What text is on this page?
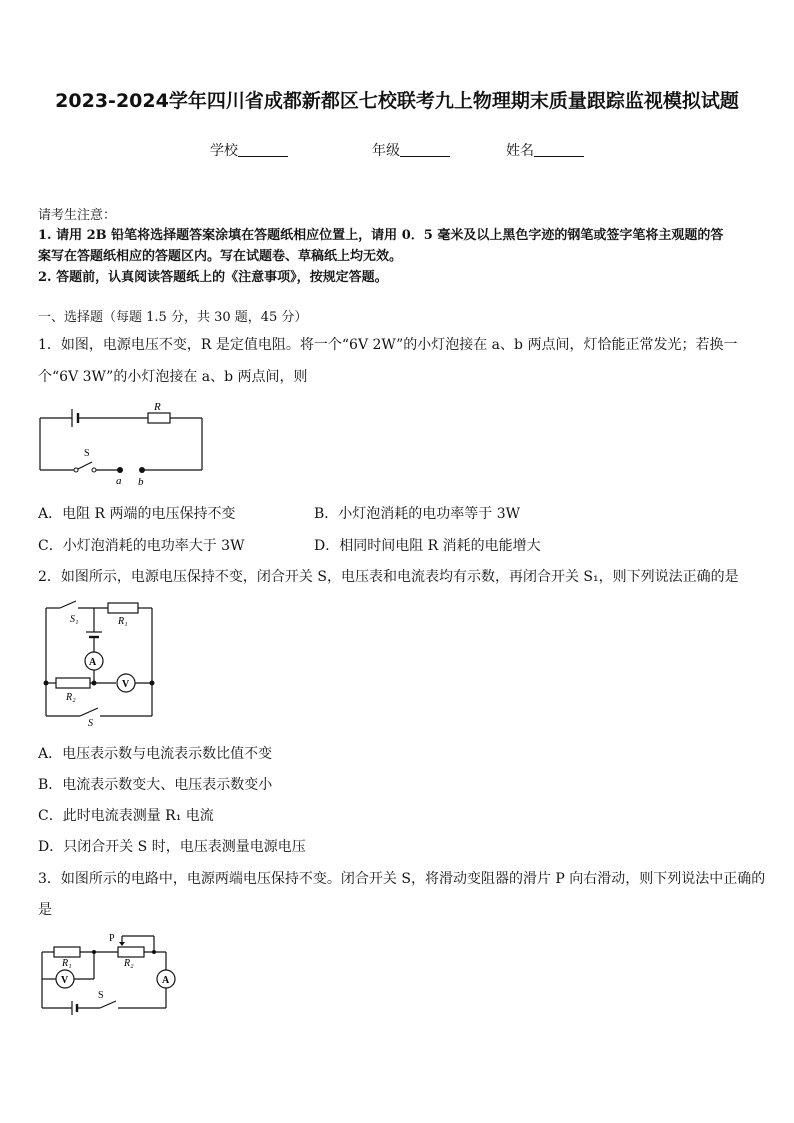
2023-2024学年四川省成都新都区七校联考九上物理期末质量跟踪监视模拟试题
学校	年级	姓名
请考生注意：
1. 请用 2B 铅笔将选择题答案涂填在答题纸相应位置上，请用 0．5 毫米及以上黑色字迹的钢笔或签字笔将主观题的答
案写在答题纸相应的答题区内。写在试题卷、草稿纸上均无效。
2. 答题前，认真阅读答题纸上的《注意事项》，按规定答题。
一、选择题（每题 1.5 分，共 30 题，45 分）
1．如图，电源电压不变，R 是定值电阻。将一个“6V 2W”的小灯泡接在 a、b 两点间，灯恰能正常发光；若换一
个“6V 3W”的小灯泡接在 a、b 两点间，则
R
S
a b
A．电阻 R 两端的电压保持不变	B．小灯泡消耗的电功率等于 3W
C．小灯泡消耗的电功率大于 3W	D．相同时间电阻 R 消耗的电能增大
2．如图所示，电源电压保持不变，闭合开关 S，电压表和电流表均有示数，再闭合开关 S₁，则下列说法正确的是
S₁	R₁
A
V
R₂
S
A．电压表示数与电流表示数比值不变
B．电流表示数变大、电压表示数变小
C．此时电流表测量 R₁ 电流
D．只闭合开关 S 时，电压表测量电源电压
3．如图所示的电路中，电源两端电压保持不变。闭合开关 S，将滑动变阻器的滑片 P 向右滑动，则下列说法中正确的
是
P
R₁	R₂
V	A
S
